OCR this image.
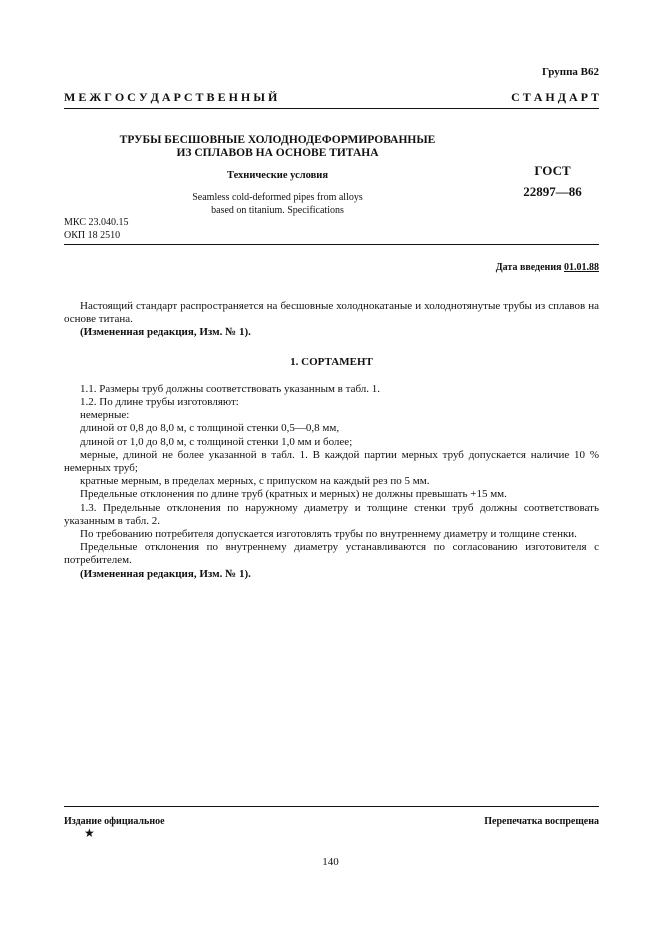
Группа В62
М Е Ж Г О С У Д А Р С Т В Е Н Н Ы Й	С Т А Н Д А Р Т
ТРУБЫ БЕСШОВНЫЕ ХОЛОДНОДЕФОРМИРОВАННЫЕ
ИЗ СПЛАВОВ НА ОСНОВЕ ТИТАНА
Технические условия
Seamless cold-deformed pipes from alloys
based on titanium. Specifications
ГОСТ
22897—86
МКС 23.040.15
ОКП 18 2510
Дата введения 01.01.88

Настоящий стандарт распространяется на бесшовные холоднокатаные и холоднотянутые трубы из сплавов на основе титана.

(Измененная редакция, Изм. № 1).

1. СОРТАМЕНТ

1.1. Размеры труб должны соответствовать указанным в табл. 1.

1.2. По длине трубы изготовляют:

немерные:

длиной от 0,8 до 8,0 м, с толщиной стенки 0,5—0,8 мм,

длиной от 1,0 до 8,0 м, с толщиной стенки 1,0 мм и более;

мерные, длиной не более указанной в табл. 1. В каждой партии мерных труб допускается наличие 10 % немерных труб;

кратные мерным, в пределах мерных, с припуском на каждый рез по 5 мм.

Предельные отклонения по длине труб (кратных и мерных) не должны превышать +15 мм.

1.3. Предельные отклонения по наружному диаметру и толщине стенки труб должны соответствовать указанным в табл. 2.

По требованию потребителя допускается изготовлять трубы по внутреннему диаметру и толщине стенки.

Предельные отклонения по внутреннему диаметру устанавливаются по согласованию изготовителя с потребителем.

(Измененная редакция, Изм. № 1).

Издание официальное	Перепечатка воспрещена
★
140
